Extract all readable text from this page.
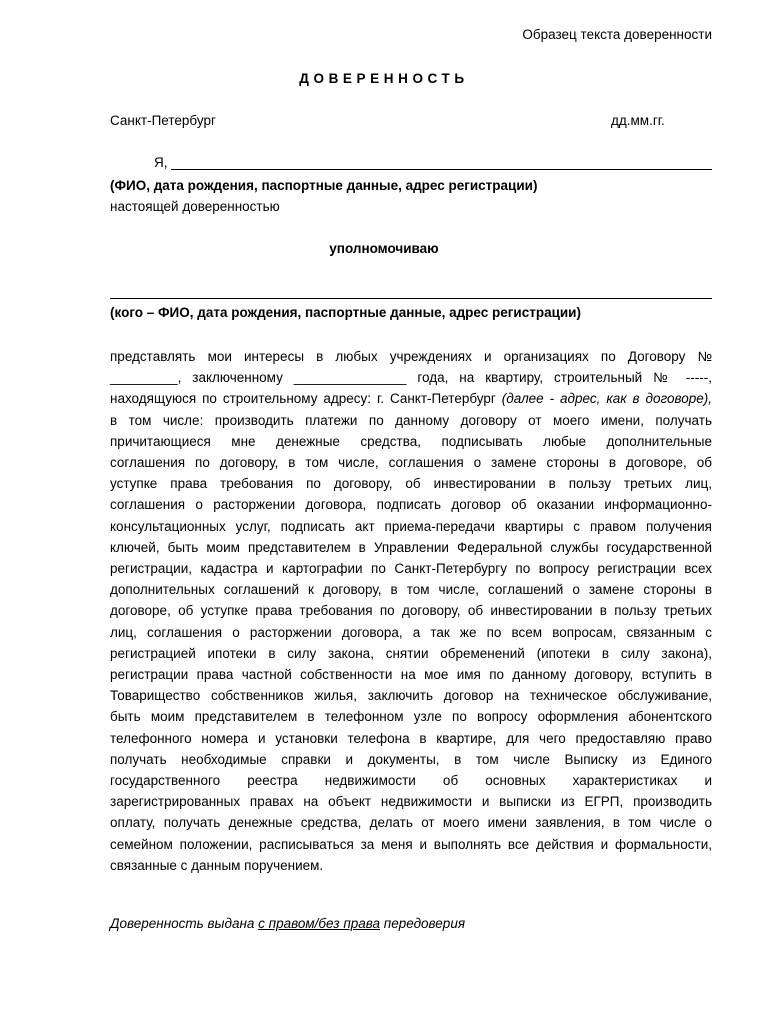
Образец текста доверенности
ДОВЕРЕННОСТЬ
Санкт-Петербург	дд.мм.гг.
Я,
(ФИО, дата рождения, паспортные данные, адрес регистрации)
настоящей доверенностью
уполномочиваю
(кого – ФИО, дата рождения, паспортные данные, адрес регистрации)
представлять мои интересы в любых учреждениях и организациях по Договору №
_________, заключенному _______________ года, на квартиру, строительный № -----,
находящуюся по строительному адресу: г. Санкт-Петербург (далее - адрес, как в договоре),
в том числе: производить платежи по данному договору от моего имени, получать
причитающиеся мне денежные средства, подписывать любые дополнительные
соглашения по договору, в том числе, соглашения о замене стороны в договоре, об
уступке права требования по договору, об инвестировании в пользу третьих лиц,
соглашения о расторжении договора, подписать договор об оказании информационно-
консультационных услуг, подписать акт приема-передачи квартиры с правом получения
ключей, быть моим представителем в Управлении Федеральной службы государственной
регистрации, кадастра и картографии по Санкт-Петербургу по вопросу регистрации всех
дополнительных соглашений к договору, в том числе, соглашений о замене стороны в
договоре, об уступке права требования по договору, об инвестировании в пользу третьих
лиц, соглашения о расторжении договора, а так же по всем вопросам, связанным с
регистрацией ипотеки в силу закона, снятии обременений (ипотеки в силу закона),
регистрации права частной собственности на мое имя по данному договору, вступить в
Товарищество собственников жилья, заключить договор на техническое обслуживание,
быть моим представителем в телефонном узле по вопросу оформления абонентского
телефонного номера и установки телефона в квартире, для чего предоставляю право
получать необходимые справки и документы, в том числе Выписку из Единого
государственного реестра недвижимости об основных характеристиках и
зарегистрированных правах на объект недвижимости и выписки из ЕГРП, производить
оплату, получать денежные средства, делать от моего имени заявления, в том числе о
семейном положении, расписываться за меня и выполнять все действия и формальности,
связанные с данным поручением.
Доверенность выдана с правом/без права передоверия
